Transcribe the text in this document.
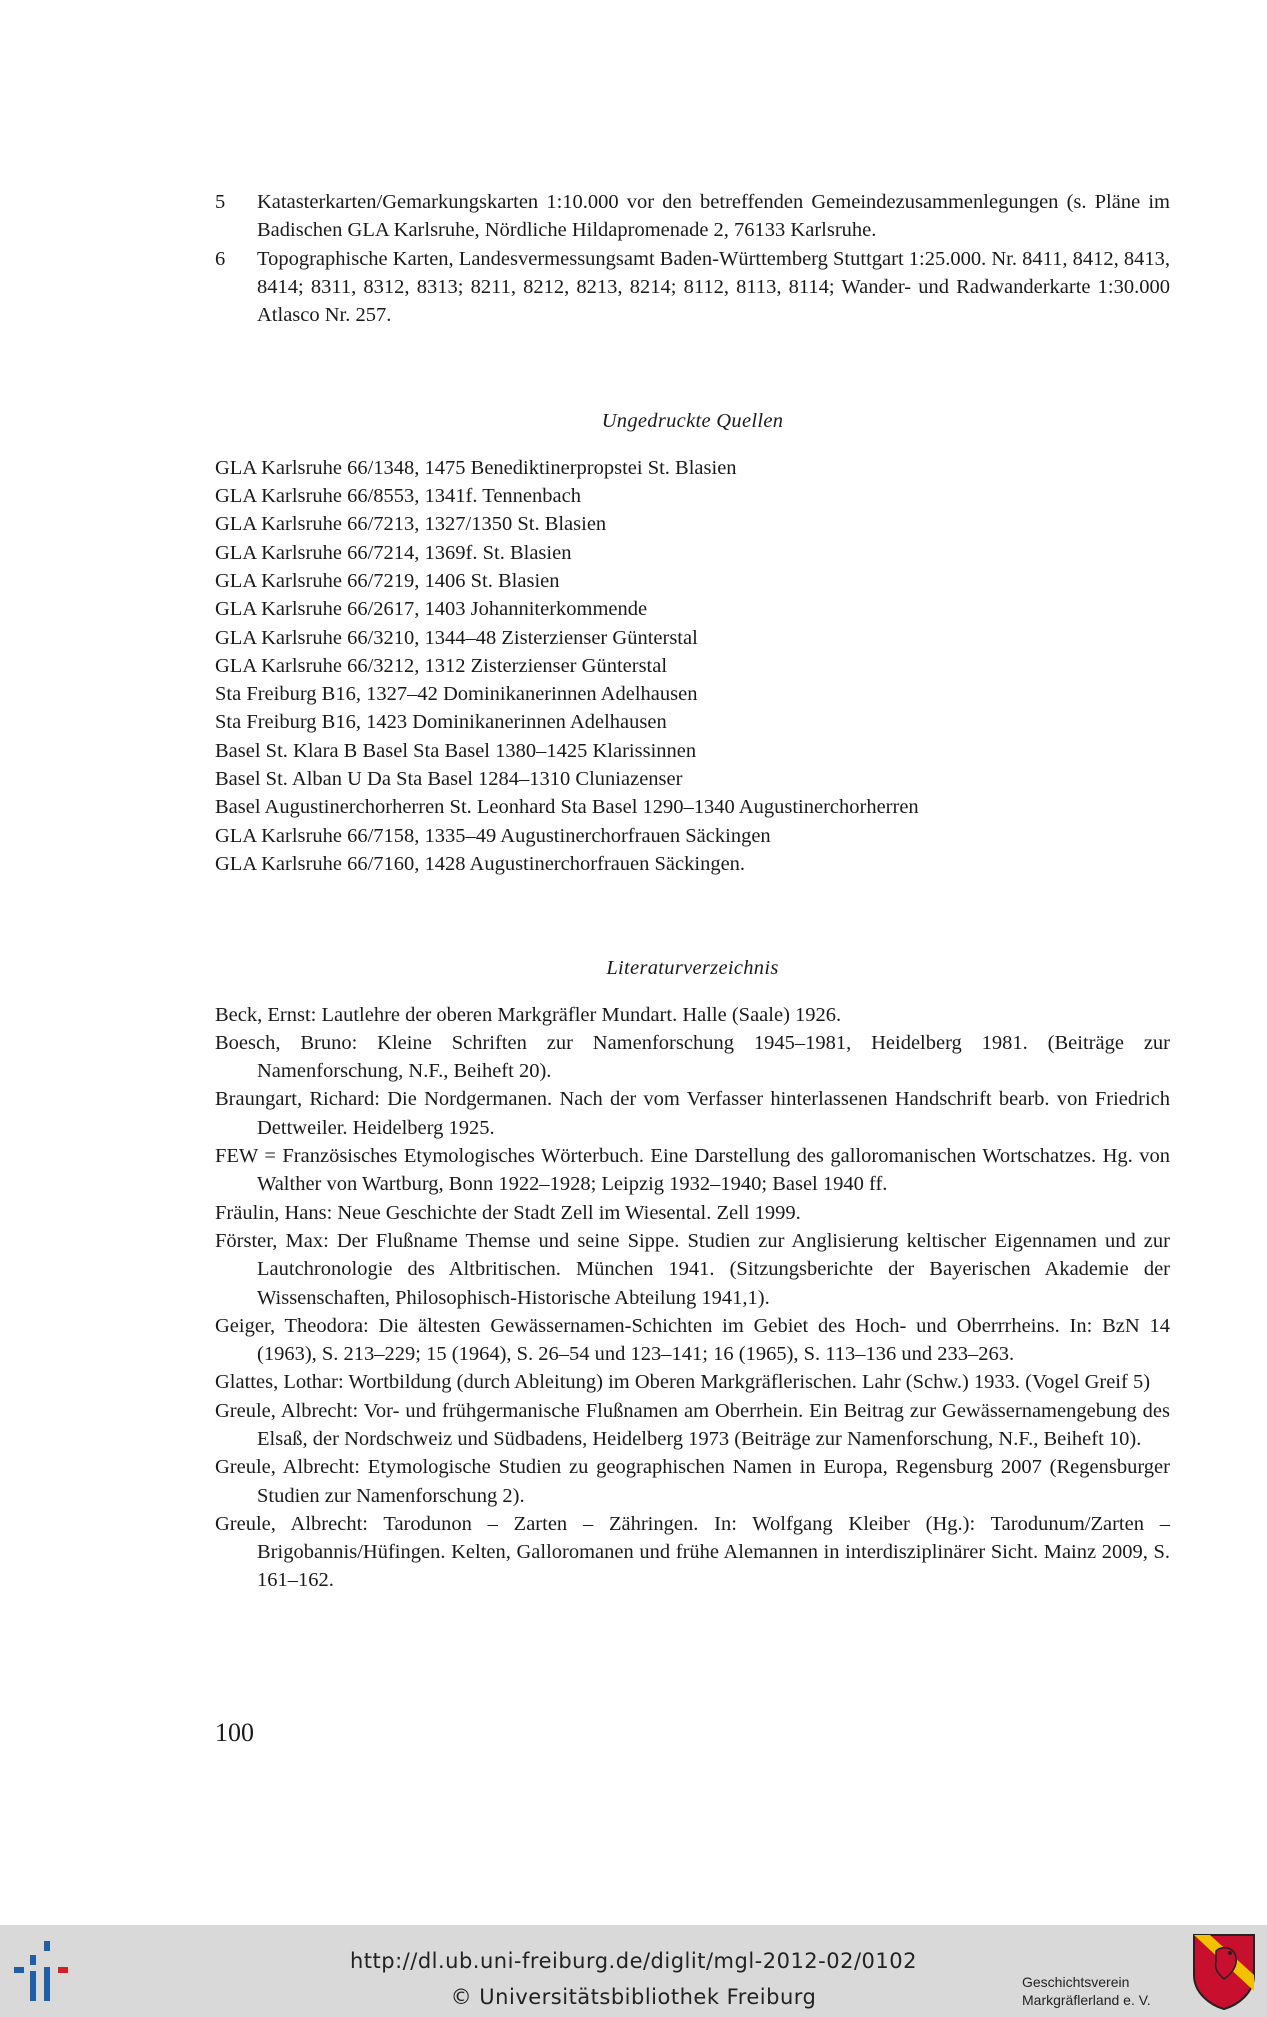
5	Katasterkarten/Gemarkungskarten 1:10.000 vor den betreffenden Gemeindezusammenlegungen (s. Pläne im Badischen GLA Karlsruhe, Nördliche Hildapromenade 2, 76133 Karlsruhe.
6	Topographische Karten, Landesvermessungsamt Baden-Württemberg Stuttgart 1:25.000. Nr. 8411, 8412, 8413, 8414; 8311, 8312, 8313; 8211, 8212, 8213, 8214; 8112, 8113, 8114; Wander- und Radwanderkarte 1:30.000 Atlasco Nr. 257.
Ungedruckte Quellen
GLA Karlsruhe 66/1348, 1475 Benediktinerpropstei St. Blasien
GLA Karlsruhe 66/8553, 1341f. Tennenbach
GLA Karlsruhe 66/7213, 1327/1350 St. Blasien
GLA Karlsruhe 66/7214, 1369f. St. Blasien
GLA Karlsruhe 66/7219, 1406 St. Blasien
GLA Karlsruhe 66/2617, 1403 Johanniterkommende
GLA Karlsruhe 66/3210, 1344–48 Zisterzienser Günterstal
GLA Karlsruhe 66/3212, 1312 Zisterzienser Günterstal
Sta Freiburg B16, 1327–42 Dominikanerinnen Adelhausen
Sta Freiburg B16, 1423 Dominikanerinnen Adelhausen
Basel St. Klara B Basel Sta Basel 1380–1425 Klarissinnen
Basel St. Alban U Da Sta Basel 1284–1310 Cluniazenser
Basel Augustinerchorherren St. Leonhard Sta Basel 1290–1340 Augustinerchorherren
GLA Karlsruhe 66/7158, 1335–49 Augustinerchorfrauen Säckingen
GLA Karlsruhe 66/7160, 1428 Augustinerchorfrauen Säckingen.
Literaturverzeichnis
Beck, Ernst: Lautlehre der oberen Markgräfler Mundart. Halle (Saale) 1926.
Boesch, Bruno: Kleine Schriften zur Namenforschung 1945–1981, Heidelberg 1981. (Beiträge zur Namenforschung, N.F., Beiheft 20).
Braungart, Richard: Die Nordgermanen. Nach der vom Verfasser hinterlassenen Handschrift bearb. von Friedrich Dettweiler. Heidelberg 1925.
FEW = Französisches Etymologisches Wörterbuch. Eine Darstellung des galloromanischen Wortschatzes. Hg. von Walther von Wartburg, Bonn 1922–1928; Leipzig 1932–1940; Basel 1940 ff.
Fräulin, Hans: Neue Geschichte der Stadt Zell im Wiesental. Zell 1999.
Förster, Max: Der Flußname Themse und seine Sippe. Studien zur Anglisierung keltischer Eigennamen und zur Lautchronologie des Altbritischen. München 1941. (Sitzungsberichte der Bayerischen Akademie der Wissenschaften, Philosophisch-Historische Abteilung 1941,1).
Geiger, Theodora: Die ältesten Gewässernamen-Schichten im Gebiet des Hoch- und Oberrrheins. In: BzN 14 (1963), S. 213–229; 15 (1964), S. 26–54 und 123–141; 16 (1965), S. 113–136 und 233–263.
Glattes, Lothar: Wortbildung (durch Ableitung) im Oberen Markgräflerischen. Lahr (Schw.) 1933. (Vogel Greif 5)
Greule, Albrecht: Vor- und frühgermanische Flußnamen am Oberrhein. Ein Beitrag zur Gewässernamengebung des Elsaß, der Nordschweiz und Südbadens, Heidelberg 1973 (Beiträge zur Namenforschung, N.F., Beiheft 10).
Greule, Albrecht: Etymologische Studien zu geographischen Namen in Europa, Regensburg 2007 (Regensburger Studien zur Namenforschung 2).
Greule, Albrecht: Tarodunon – Zarten – Zähringen. In: Wolfgang Kleiber (Hg.): Tarodunum/Zarten – Brigobannis/Hüfingen. Kelten, Galloromanen und frühe Alemannen in interdisziplinärer Sicht. Mainz 2009, S. 161–162.
100
http://dl.ub.uni-freiburg.de/diglit/mgl-2012-02/0102
© Universitätsbibliothek Freiburg
Geschichtsverein
Markgräflerland e. V.
